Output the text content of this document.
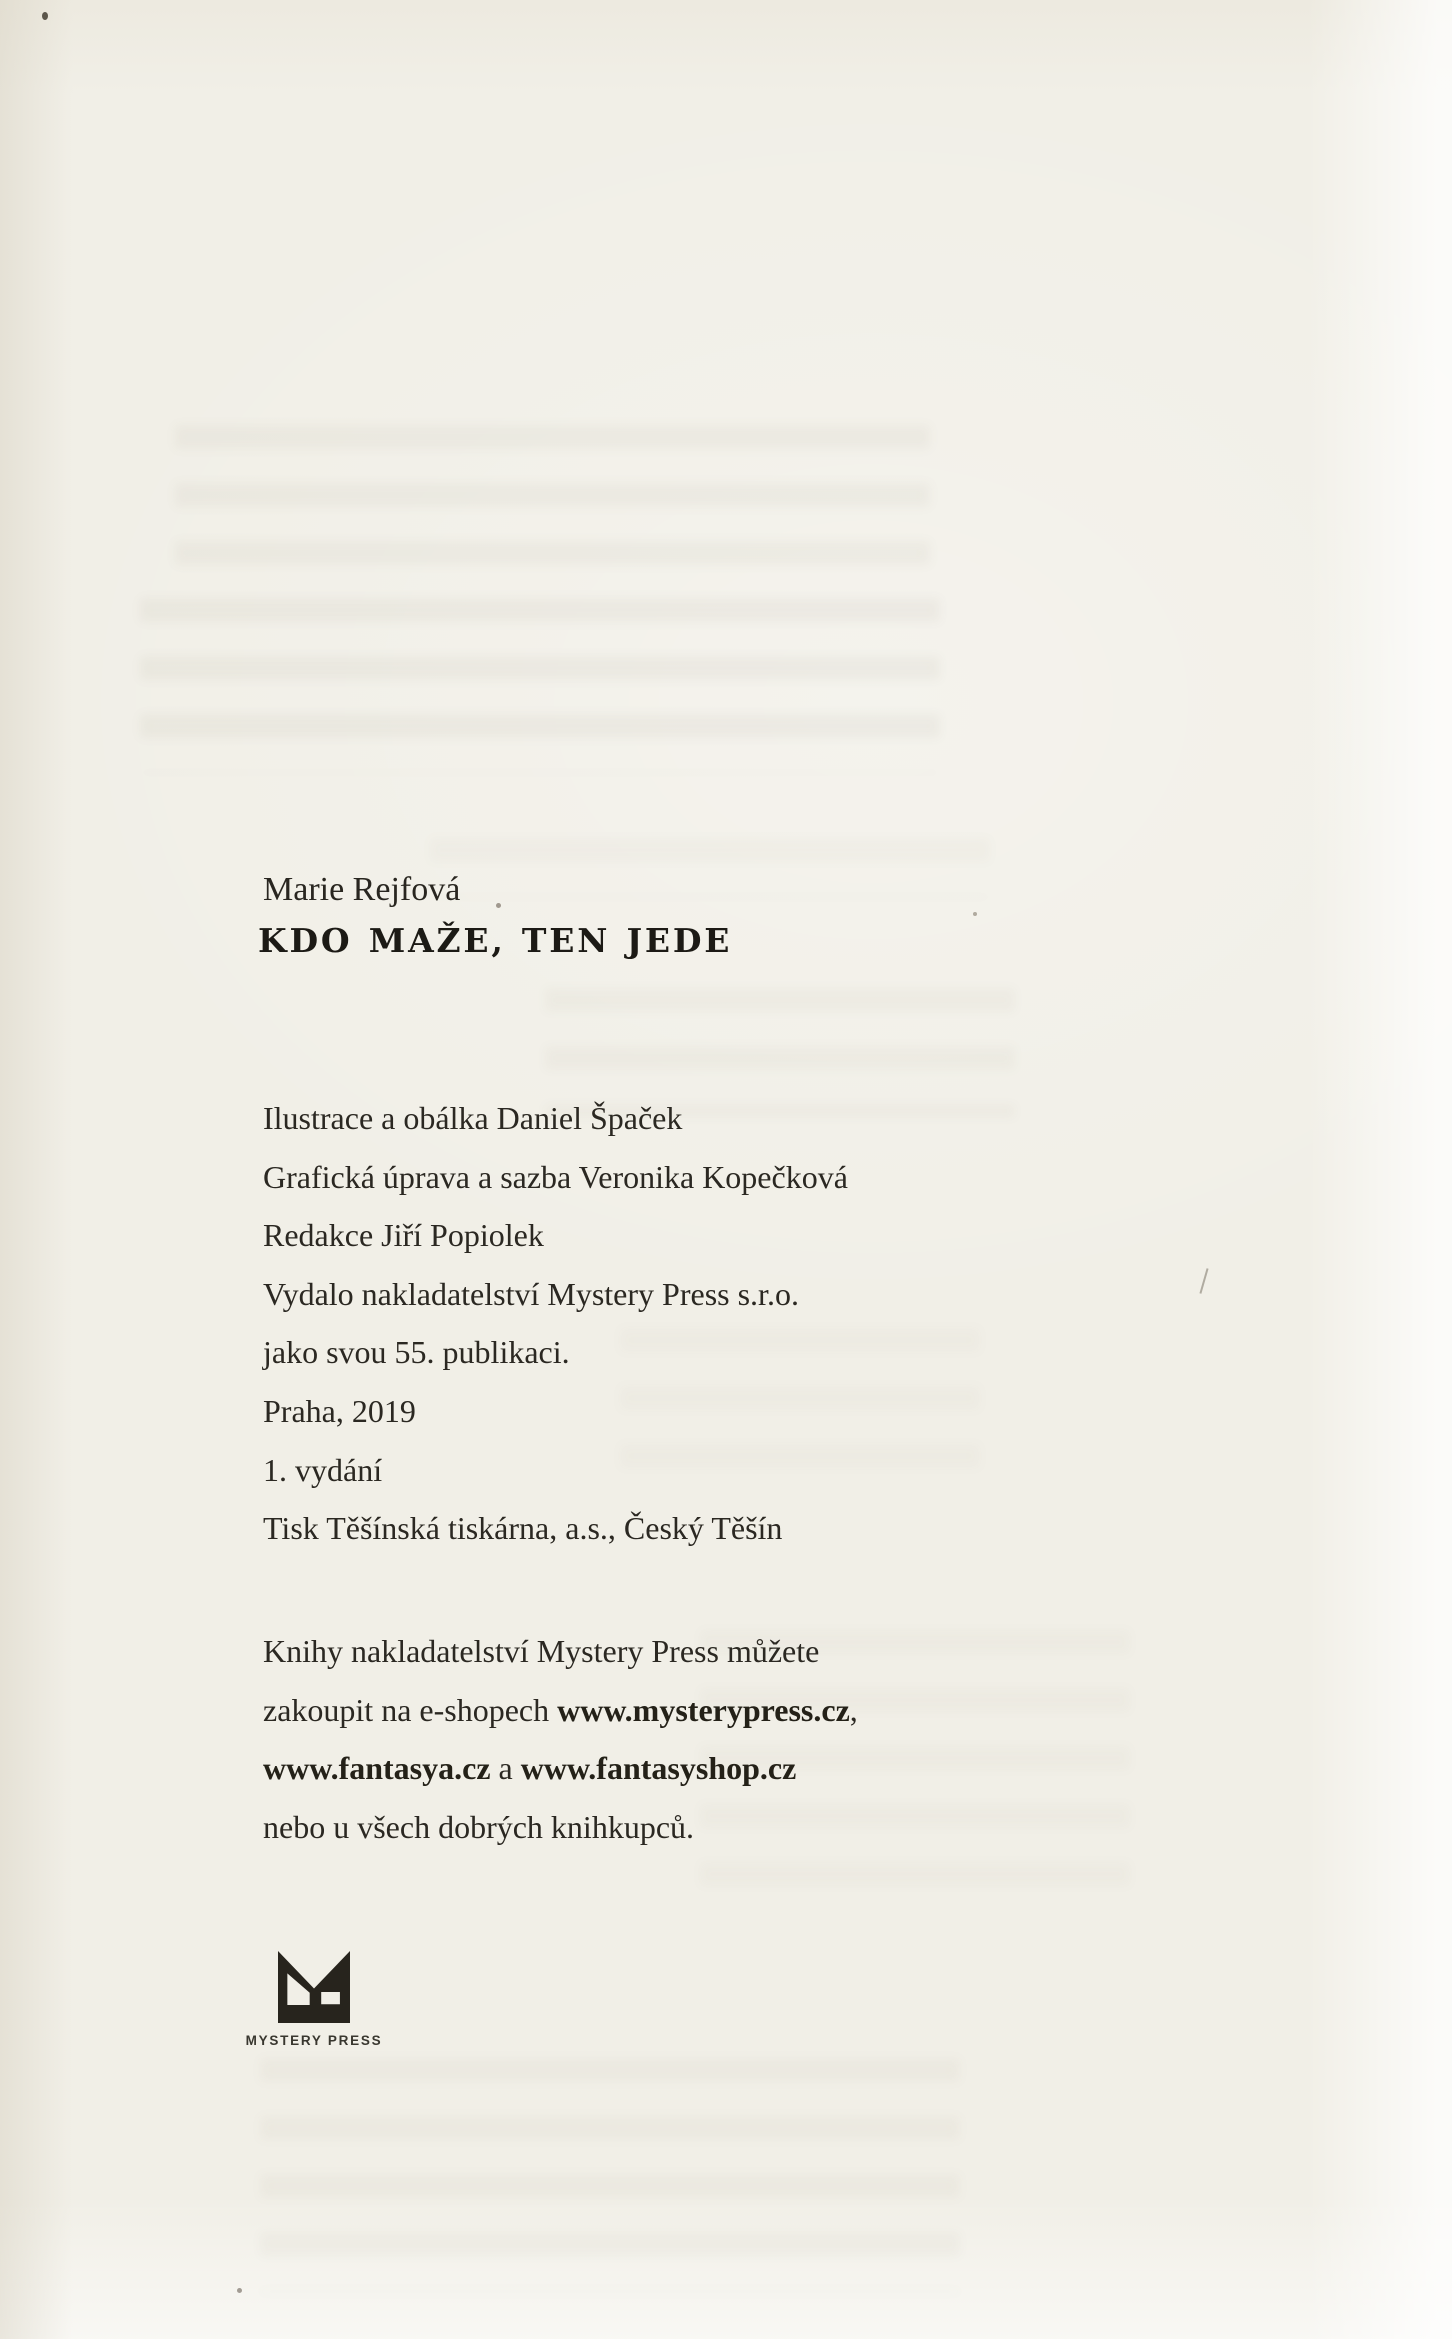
Marie Rejfová
KDO MAŽE, TEN JEDE
Ilustrace a obálka Daniel Špaček
Grafická úprava a sazba Veronika Kopečková
Redakce Jiří Popiolek
Vydalo nakladatelství Mystery Press s.r.o.
jako svou 55. publikaci.
Praha, 2019
1. vydání
Tisk Těšínská tiskárna, a.s., Český Těšín
Knihy nakladatelství Mystery Press můžete
zakoupit na e-shopech www.mysterypress.cz,
www.fantasya.cz a www.fantasyshop.cz
nebo u všech dobrých knihkupců.
MYSTERY PRESS
